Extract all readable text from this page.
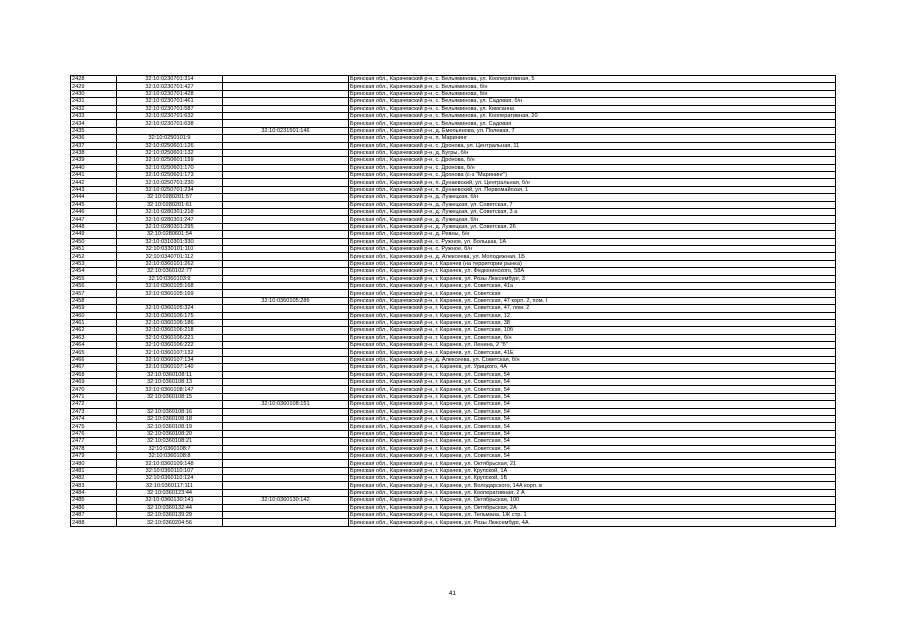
2428	32:10:0230701:314		Брянская обл., Карачевский р-н, с. Вельяминова, ул. Кооперативная, 5
2429	32:10:0230701:427		Брянская обл., Карачевский р-н, с. Вельяминова, б/н
2430	32:10:0230701:428		Брянская обл., Карачевский р-н, с. Вельяминова, б/н
2431	32:10:0230701:461		Брянская обл., Карачевский р-н, с. Вельяминова, ул. Садовая, б/н
2432	32:10:0230701:587		Брянская обл., Карачевский р-н, с. Вельяминова, ул. Кимсанна
2433	32:10:0230701:632		Брянская обл., Карачевский р-н, с. Вельяминова, ул. Кооперативная, 20
2434	32:10:0230701:638		Брянская обл., Карачевский р-н, с. Вельяминова, ул. Садовая
2435		32:10:0231501:146	Брянская обл., Карачевский р-н, д. Емельянова, ул. Полевая, 7
2436	32:10:0250101:9		Брянская обл., Карачевский р-н, п. Марининг
2437	32:10:0250601:126		Брянская обл., Карачевский р-н, с. Дронова, ул. Центральная, 11
2438	32:10:0250601:132		Брянская обл., Карачевский р-н, д. Бугры, б/н
2439	32:10:0250601:159		Брянская обл., Карачевский р-н, с. Дронова, б/н
2440	32:10:0250601:170		Брянская обл., Карачевский р-н, с. Дронова, б/н
2441	32:10:0250601:173		Брянская обл., Карачевский р-н, с. Дронова (с-з "Марининг")
2442	32:10:0250701:230		Брянская обл., Карачевский р-н, п. Дунаевский, ул. Центральная, б/н
2443	32:10:0250701:234		Брянская обл., Карачевский р-н, п. Дунаевский, ул. Первомайская, 1
2444	32:10:0280201:57		Брянская обл., Карачевский р-н, д. Лужецкая, б/н
2445	32:10:0280201:61		Брянская обл., Карачевский р-н, д. Лужецкая, ул. Советская, 7
2446	32:10:0280301:218		Брянская обл., Карачевский р-н, д. Лужецкая, ул. Советская, 3 а
2447	32:10:0280301:247		Брянская обл., Карачевский р-н, д. Лужецкая, б/н
2448	32:10:0280301:295		Брянская обл., Карачевский р-н, д. Лужецкая, ул. Советская, 26
2449	32:10:0280601:54		Брянская обл., Карачевский р-н, д. Ревны, б/н
2450	32:10:0310301:330		Брянская обл., Карачевский р-н, с. Ружное, ул. Большак, 1А
2451	32:10:0330101:110		Брянская обл., Карачевский р-н, с. Ружное, б/н
2452	32:10:0340701:112		Брянская обл., Карачевский р-н, д. Алексеева, ул. Молодежная, 1Б
2453	32:10:0360101:262		Брянская обл., Карачевский р-н, г. Карачев (на территории рынка)
2454	32:10:0360102:77		Брянская обл., Карачевский р-н, г. Карачев, ул. Федюнинского, 58А
2455	32:10:0360103:9		Брянская обл., Карачевский р-н, г. Карачев, ул. Розы Люксембург, 3
2456	32:10:0360105:168		Брянская обл., Карачевский р-н, г. Карачев, ул. Советская, 41а
2457	32:10:0360105:169		Брянская обл., Карачевский р-н, г. Карачев, ул. Советская
2458		32:10:0360105:286	Брянская обл., Карачевский р-н, г. Карачев, ул. Советская, 47 корп. 2, пом. I
2459	32:10:0360105:324		Брянская обл., Карачевский р-н, г. Карачев, ул. Советская, 47, пом. 2
2460	32:10:0360106:175		Брянская обл., Карачевский р-н, г. Карачев, ул. Советская, 12
2461	32:10:0360106:186		Брянская обл., Карачевский р-н, г. Карачев, ул. Советская, 38
2462	32:10:0360106:218		Брянская обл., Карачевский р-н, г. Карачев, ул. Советская, 10б
2463	32:10:0360106:221		Брянская обл., Карачевский р-н, г. Карачев, ул. Советская, б/н
2464	32:10:0360106:222		Брянская обл., Карачевский р-н, г. Карачев, ул. Ленина, 2 "б"
2465	32:10:0360107:132		Брянская обл., Карачевский р-н, г. Карачев, ул. Советская, 41Е
2466	32:10:0360107:134		Брянская обл., Карачевский р-н, д. Алексеева, ул. Советская, б/н
2467	32:10:0360107:140		Брянская обл., Карачевский р-н, г. Карачев, ул. Урицкого, 4А
2468	32:10:0360108:11		Брянская обл., Карачевский р-н, г. Карачев, ул. Советская, 54
2469	32:10:0360108:13		Брянская обл., Карачевский р-н, г. Карачев, ул. Советская, 54
2470	32:10:0360108:147		Брянская обл., Карачевский р-н, г. Карачев, ул. Советская, 54
2471	32:10:0360108:15		Брянская обл., Карачевский р-н, г. Карачев, ул. Советская, 54
2472		32:10:0360108:151	Брянская обл., Карачевский р-н, г. Карачев, ул. Советская, 54
2473	32:10:0360108:16		Брянская обл., Карачевский р-н, г. Карачев, ул. Советская, 54
2474	32:10:0360108:18		Брянская обл., Карачевский р-н, г. Карачев, ул. Советская, 54
2475	32:10:0360108:19		Брянская обл., Карачевский р-н, г. Карачев, ул. Советская, 54
2476	32:10:0360108:20		Брянская обл., Карачевский р-н, г. Карачев, ул. Советская, 54
2477	32:10:0360108:21		Брянская обл., Карачевский р-н, г. Карачев, ул. Советская, 54
2478	32:10:0360108:7		Брянская обл., Карачевский р-н, г. Карачев, ул. Советская, 54
2479	32:10:0360108:8		Брянская обл., Карачевский р-н, г. Карачев, ул. Советская, 54
2480	32:10:0360109:148		Брянская обл., Карачевский р-н, г. Карачев, ул. Октябрьская, 21
2481	32:10:0360110:107		Брянская обл., Карачевский р-н, г. Карачев, ул. Крупской, 1А
2482	32:10:0360110:124		Брянская обл., Карачевский р-н, г. Карачев, ул. Крупской, 1Б
2483	32:10:0360117:111		Брянская обл., Карачевский р-н, г. Карачев, ул. Володарского, 14А корп. в
2484	32:10:0360123:44		Брянская обл., Карачевский р-н, г. Карачев, ул. Кооперативная, 2 А
2485	32:10:0360130:141	32:10:0360130:142	Брянская обл., Карачевский р-н, г. Карачев, ул. Октябрьская, 100
2486	32:10:0360132:44		Брянская обл., Карачевский р-н, г. Карачев, ул. Октябрьская, 2А
2487	32:10:0360139:29		Брянская обл., Карачевский р-н, г. Карачев, ул. Тельмана, 1Ж стр. 1
2488	32:10:0360204:56		Брянская обл., Карачевский р-н, г. Карачев, ул. Розы Люксембург, 4А
41
